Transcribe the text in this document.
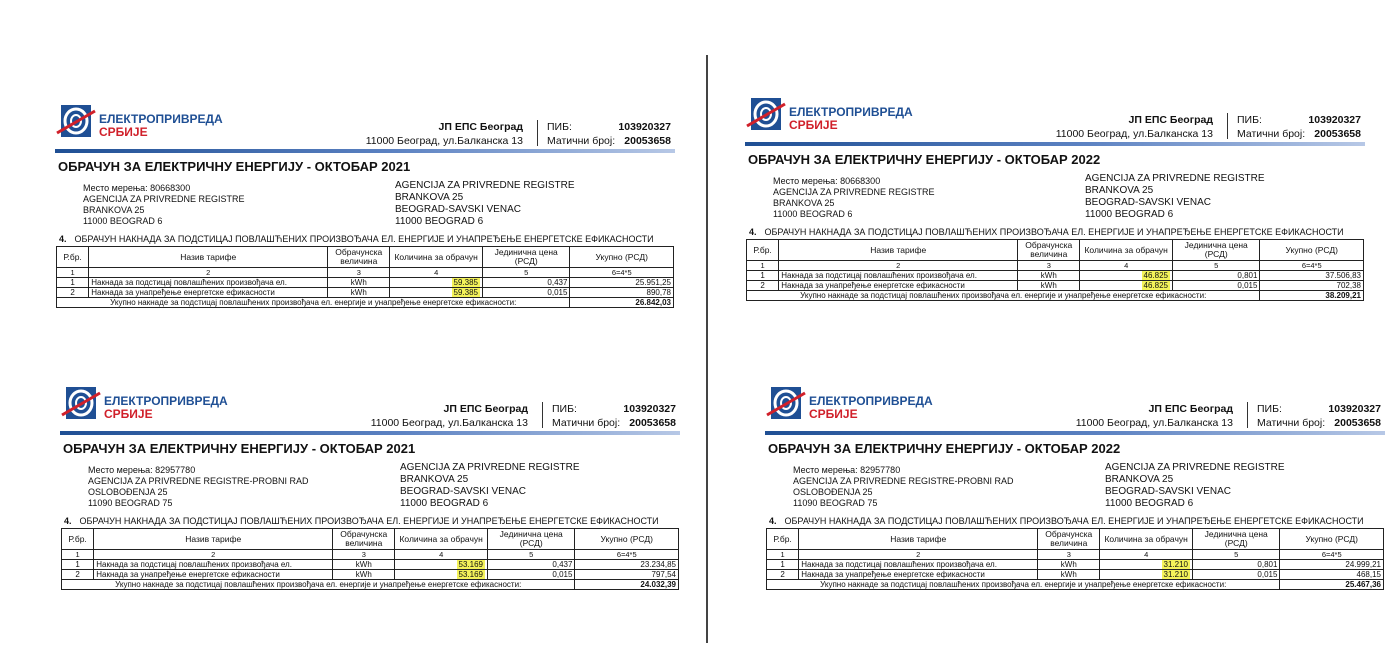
ЕЛЕКТРОПРИВРЕДА
СРБИЈЕ	ЈП ЕПС Београд
11000 Београд, ул.Балканска 13
ПИБ:
	103920327
Матични број:
20053658
ОБРАЧУН ЗА ЕЛЕКТРИЧНУ ЕНЕРГИЈУ - ОКТОБАР 2021
Место мерења: 80668300
AGENCIJA ZA PRIVREDNE REGISTRE
BRANKOVA 25
11000 BEOGRAD 6
AGENCIJA ZA PRIVREDNE REGISTRE
BRANKOVA 25
BEOGRAD-SAVSKI VENAC
11000 BEOGRAD 6
4. ОБРАЧУН НАКНАДА ЗА ПОДСТИЦАЈ ПОВЛАШЋЕНИХ ПРОИЗВОЂАЧА ЕЛ. ЕНЕРГИЈЕ И УНАПРЕЂЕЊЕ ЕНЕРГЕТСКЕ ЕФИКАСНОСТИ
Р.бр.	Назив тарифе	Обрачунска величина	Количина за обрачун	Јединична цена (РСД)	Укупно (РСД)
1	2	3	4	5	6=4*5
1	Накнада за подстицај повлашћених произвођача ел.	kWh	59.385	0,437	25.951,25
2	Накнада за унапређење енергетске ефикасности	kWh	59.385	0,015	890,78
Укупно накнаде за подстицај повлашћених произвођача ел. енергије и унапређење енергетске ефикасности:					26.842,03
ЕЛЕКТРОПРИВРЕДА
СРБИЈЕ	ЈП ЕПС Београд
11000 Београд, ул.Балканска 13
ПИБ:
	103920327
Матични број:
20053658
ОБРАЧУН ЗА ЕЛЕКТРИЧНУ ЕНЕРГИЈУ - ОКТОБАР 2022
Место мерења: 80668300
AGENCIJA ZA PRIVREDNE REGISTRE
BRANKOVA 25
11000 BEOGRAD 6
AGENCIJA ZA PRIVREDNE REGISTRE
BRANKOVA 25
BEOGRAD-SAVSKI VENAC
11000 BEOGRAD 6
4. ОБРАЧУН НАКНАДА ЗА ПОДСТИЦАЈ ПОВЛАШЋЕНИХ ПРОИЗВОЂАЧА ЕЛ. ЕНЕРГИЈЕ И УНАПРЕЂЕЊЕ ЕНЕРГЕТСКЕ ЕФИКАСНОСТИ
Р.бр.	Назив тарифе	Обрачунска величина	Количина за обрачун	Јединична цена (РСД)	Укупно (РСД)
1	2	3	4	5	6=4*5
1	Накнада за подстицај повлашћених произвођача ел.	kWh	46.825	0,801	37.506,83
2	Накнада за унапређење енергетске ефикасности	kWh	46.825	0,015	702,38
Укупно накнаде за подстицај повлашћених произвођача ел. енергије и унапређење енергетске ефикасности:					38.209,21
ЕЛЕКТРОПРИВРЕДА
СРБИЈЕ	ЈП ЕПС Београд
11000 Београд, ул.Балканска 13
ПИБ:
	103920327
Матични број:
20053658
ОБРАЧУН ЗА ЕЛЕКТРИЧНУ ЕНЕРГИЈУ - ОКТОБАР 2021
Место мерења: 82957780
AGENCIJA ZA PRIVREDNE REGISTRE-PROBNI RAD
OSLOBOĐENJA 25
11090 BEOGRAD 75
AGENCIJA ZA PRIVREDNE REGISTRE
BRANKOVA 25
BEOGRAD-SAVSKI VENAC
11000 BEOGRAD 6
4. ОБРАЧУН НАКНАДА ЗА ПОДСТИЦАЈ ПОВЛАШЋЕНИХ ПРОИЗВОЂАЧА ЕЛ. ЕНЕРГИЈЕ И УНАПРЕЂЕЊЕ ЕНЕРГЕТСКЕ ЕФИКАСНОСТИ
Р.бр.	Назив тарифе	Обрачунска величина	Количина за обрачун	Јединична цена (РСД)	Укупно (РСД)
1	2	3	4	5	6=4*5
1	Накнада за подстицај повлашћених произвођача ел.	kWh	53.169	0,437	23.234,85
2	Накнада за унапређење енергетске ефикасности	kWh	53.169	0,015	797,54
Укупно накнаде за подстицај повлашћених произвођача ел. енергије и унапређење енергетске ефикасности:					24.032,39
ЕЛЕКТРОПРИВРЕДА
СРБИЈЕ	ЈП ЕПС Београд
11000 Београд, ул.Балканска 13
ПИБ:
	103920327
Матични број:
20053658
ОБРАЧУН ЗА ЕЛЕКТРИЧНУ ЕНЕРГИЈУ - ОКТОБАР 2022
Место мерења: 82957780
AGENCIJA ZA PRIVREDNE REGISTRE-PROBNI RAD
OSLOBOĐENJA 25
11090 BEOGRAD 75
AGENCIJA ZA PRIVREDNE REGISTRE
BRANKOVA 25
BEOGRAD-SAVSKI VENAC
11000 BEOGRAD 6
4. ОБРАЧУН НАКНАДА ЗА ПОДСТИЦАЈ ПОВЛАШЋЕНИХ ПРОИЗВОЂАЧА ЕЛ. ЕНЕРГИЈЕ И УНАПРЕЂЕЊЕ ЕНЕРГЕТСКЕ ЕФИКАСНОСТИ
Р.бр.	Назив тарифе	Обрачунска величина	Количина за обрачун	Јединична цена (РСД)	Укупно (РСД)
1	2	3	4	5	6=4*5
1	Накнада за подстицај повлашћених произвођача ел.	kWh	31.210	0,801	24.999,21
2	Накнада за унапређење енергетске ефикасности	kWh	31.210	0,015	468,15
Укупно накнаде за подстицај повлашћених произвођача ел. енергије и унапређење енергетске ефикасности:					25.467,36
